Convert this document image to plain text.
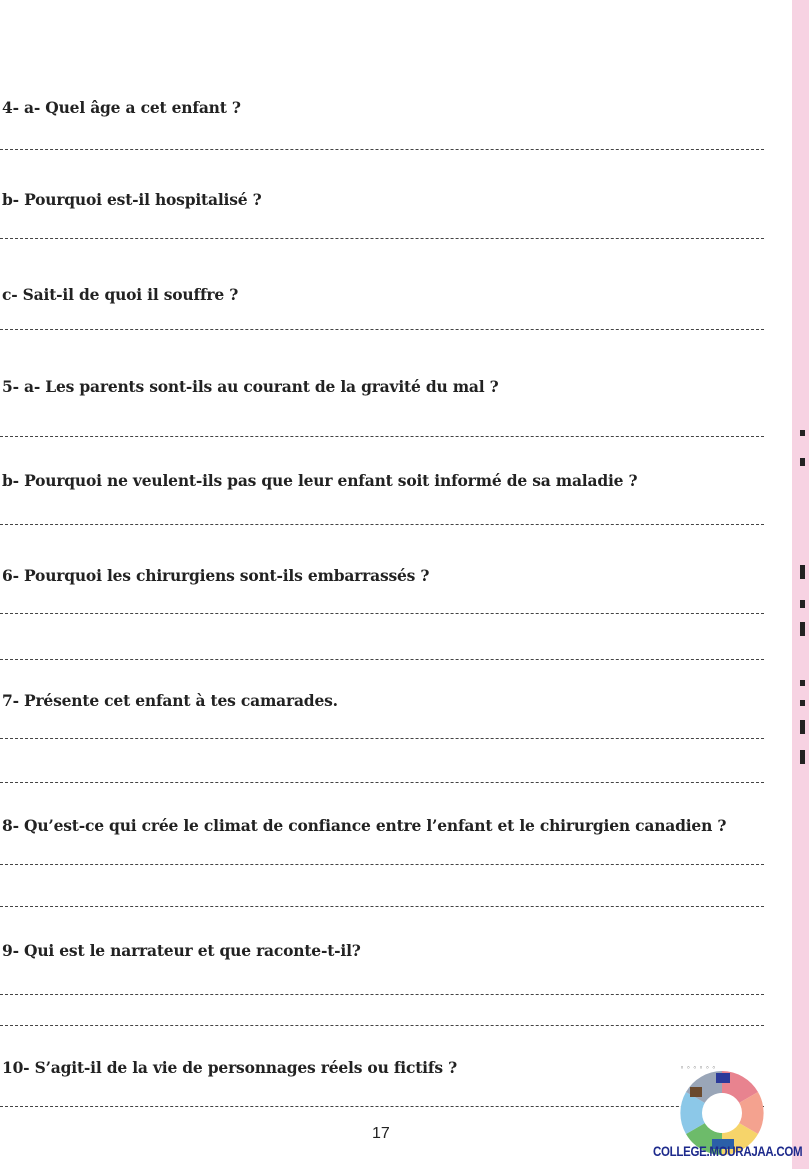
4- a- Quel âge a cet enfant ?
b- Pourquoi est-il hospitalisé ?
c- Sait-il de quoi il souffre ?
5- a- Les parents sont-ils au courant de la gravité du mal ?
b- Pourquoi ne veulent-ils pas que leur enfant soit informé de sa maladie ?
6- Pourquoi les chirurgiens sont-ils embarrassés ?
7- Présente cet enfant à tes camarades.
8- Qu’est-ce qui crée le climat de confiance entre l’enfant et le chirurgien canadien ?
9- Qui est le narrateur et que raconte-t-il?
10- S’agit-il de la vie de personnages réels ou fictifs ?
17
◦ ◦ ◦ ◦ ◦ ◦
COLLEGE.MOURAJAA.COM
